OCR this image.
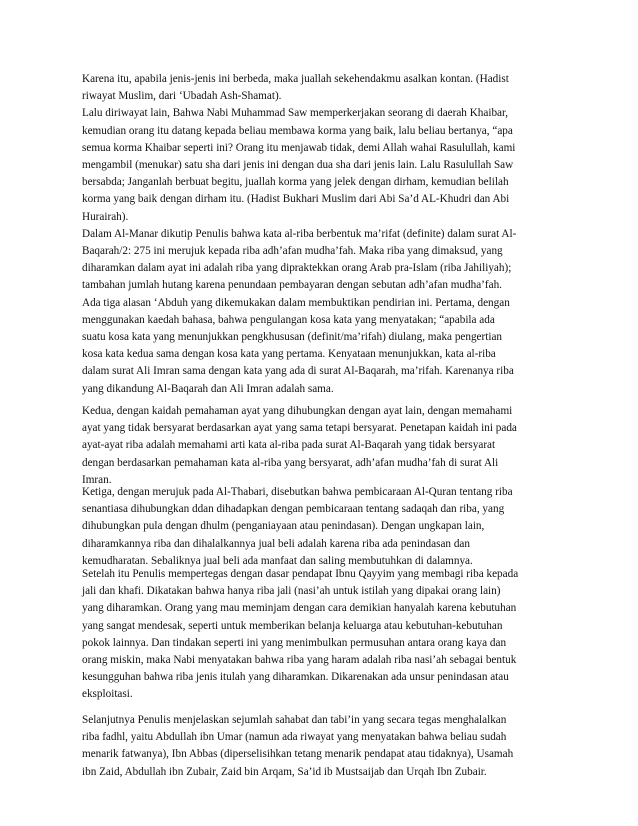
Karena itu, apabila jenis-jenis ini berbeda, maka juallah sekehendakmu asalkan kontan. (Hadist
riwayat Muslim, dari ‘Ubadah Ash-Shamat).
Lalu diriwayat lain, Bahwa Nabi Muhammad Saw memperkerjakan seorang di daerah Khaibar,
kemudian orang itu datang kepada beliau membawa korma yang baik, lalu beliau bertanya, “apa
semua korma Khaibar seperti ini? Orang itu menjawab tidak, demi Allah wahai Rasulullah, kami
mengambil (menukar) satu sha dari jenis ini dengan dua sha dari jenis lain. Lalu Rasulullah Saw
bersabda; Janganlah berbuat begitu, juallah korma yang jelek dengan dirham, kemudian belilah
korma yang baik dengan dirham itu. (Hadist Bukhari Muslim dari Abi Sa’d AL-Khudri dan Abi
Hurairah).
Dalam Al-Manar dikutip Penulis bahwa kata al-riba berbentuk ma’rifat (definite) dalam surat Al-
Baqarah/2: 275 ini merujuk kepada riba adh’afan mudha’fah. Maka riba yang dimaksud, yang
diharamkan dalam ayat ini adalah riba yang dipraktekkan orang Arab pra-Islam (riba Jahiliyah);
tambahan jumlah hutang karena penundaan pembayaran dengan sebutan adh’afan mudha’fah.
Ada tiga alasan ‘Abduh yang dikemukakan dalam membuktikan pendirian ini. Pertama, dengan
menggunakan kaedah bahasa, bahwa pengulangan kosa kata yang menyatakan; “apabila ada
suatu kosa kata yang menunjukkan pengkhususan (definit/ma’rifah) diulang, maka pengertian
kosa kata kedua sama dengan kosa kata yang pertama. Kenyataan menunjukkan, kata al-riba
dalam surat Ali Imran sama dengan kata yang ada di surat Al-Baqarah, ma’rifah. Karenanya riba
yang dikandung Al-Baqarah dan Ali Imran adalah sama.
Kedua, dengan kaidah pemahaman ayat yang dihubungkan dengan ayat lain, dengan memahami
ayat yang tidak bersyarat berdasarkan ayat yang sama tetapi bersyarat. Penetapan kaidah ini pada
ayat-ayat riba adalah memahami arti kata al-riba pada surat Al-Baqarah yang tidak bersyarat
dengan berdasarkan pemahaman kata al-riba yang bersyarat, adh’afan mudha’fah di surat Ali
Imran.
Ketiga, dengan merujuk pada Al-Thabari, disebutkan bahwa pembicaraan Al-Quran tentang riba
senantiasa dihubungkan ddan dihadapkan dengan pembicaraan tentang sadaqah dan riba, yang
dihubungkan pula dengan dhulm (penganiayaan atau penindasan). Dengan ungkapan lain,
diharamkannya riba dan dihalalkannya jual beli adalah karena riba ada penindasan dan
kemudharatan. Sebaliknya jual beli ada manfaat dan saling membutuhkan di dalamnya.
Setelah itu Penulis mempertegas dengan dasar pendapat Ibnu Qayyim yang membagi riba kepada
jali dan khafi. Dikatakan bahwa hanya riba jali (nasi’ah untuk istilah yang dipakai orang lain)
yang diharamkan. Orang yang mau meminjam dengan cara demikian hanyalah karena kebutuhan
yang sangat mendesak, seperti untuk memberikan belanja keluarga atau kebutuhan-kebutuhan
pokok lainnya. Dan tindakan seperti ini yang menimbulkan permusuhan antara orang kaya dan
orang miskin, maka Nabi menyatakan bahwa riba yang haram adalah riba nasi’ah sebagai bentuk
kesungguhan bahwa riba jenis itulah yang diharamkan. Dikarenakan ada unsur penindasan atau
eksploitasi.
Selanjutnya Penulis menjelaskan sejumlah sahabat dan tabi’in yang secara tegas menghalalkan
riba fadhl, yaitu Abdullah ibn Umar (namun ada riwayat yang menyatakan bahwa beliau sudah
menarik fatwanya), Ibn Abbas (diperselisihkan tetang menarik pendapat atau tidaknya), Usamah
ibn Zaid, Abdullah ibn Zubair, Zaid bin Arqam, Sa’id ib Mustsaijab dan Urqah Ibn Zubair.
